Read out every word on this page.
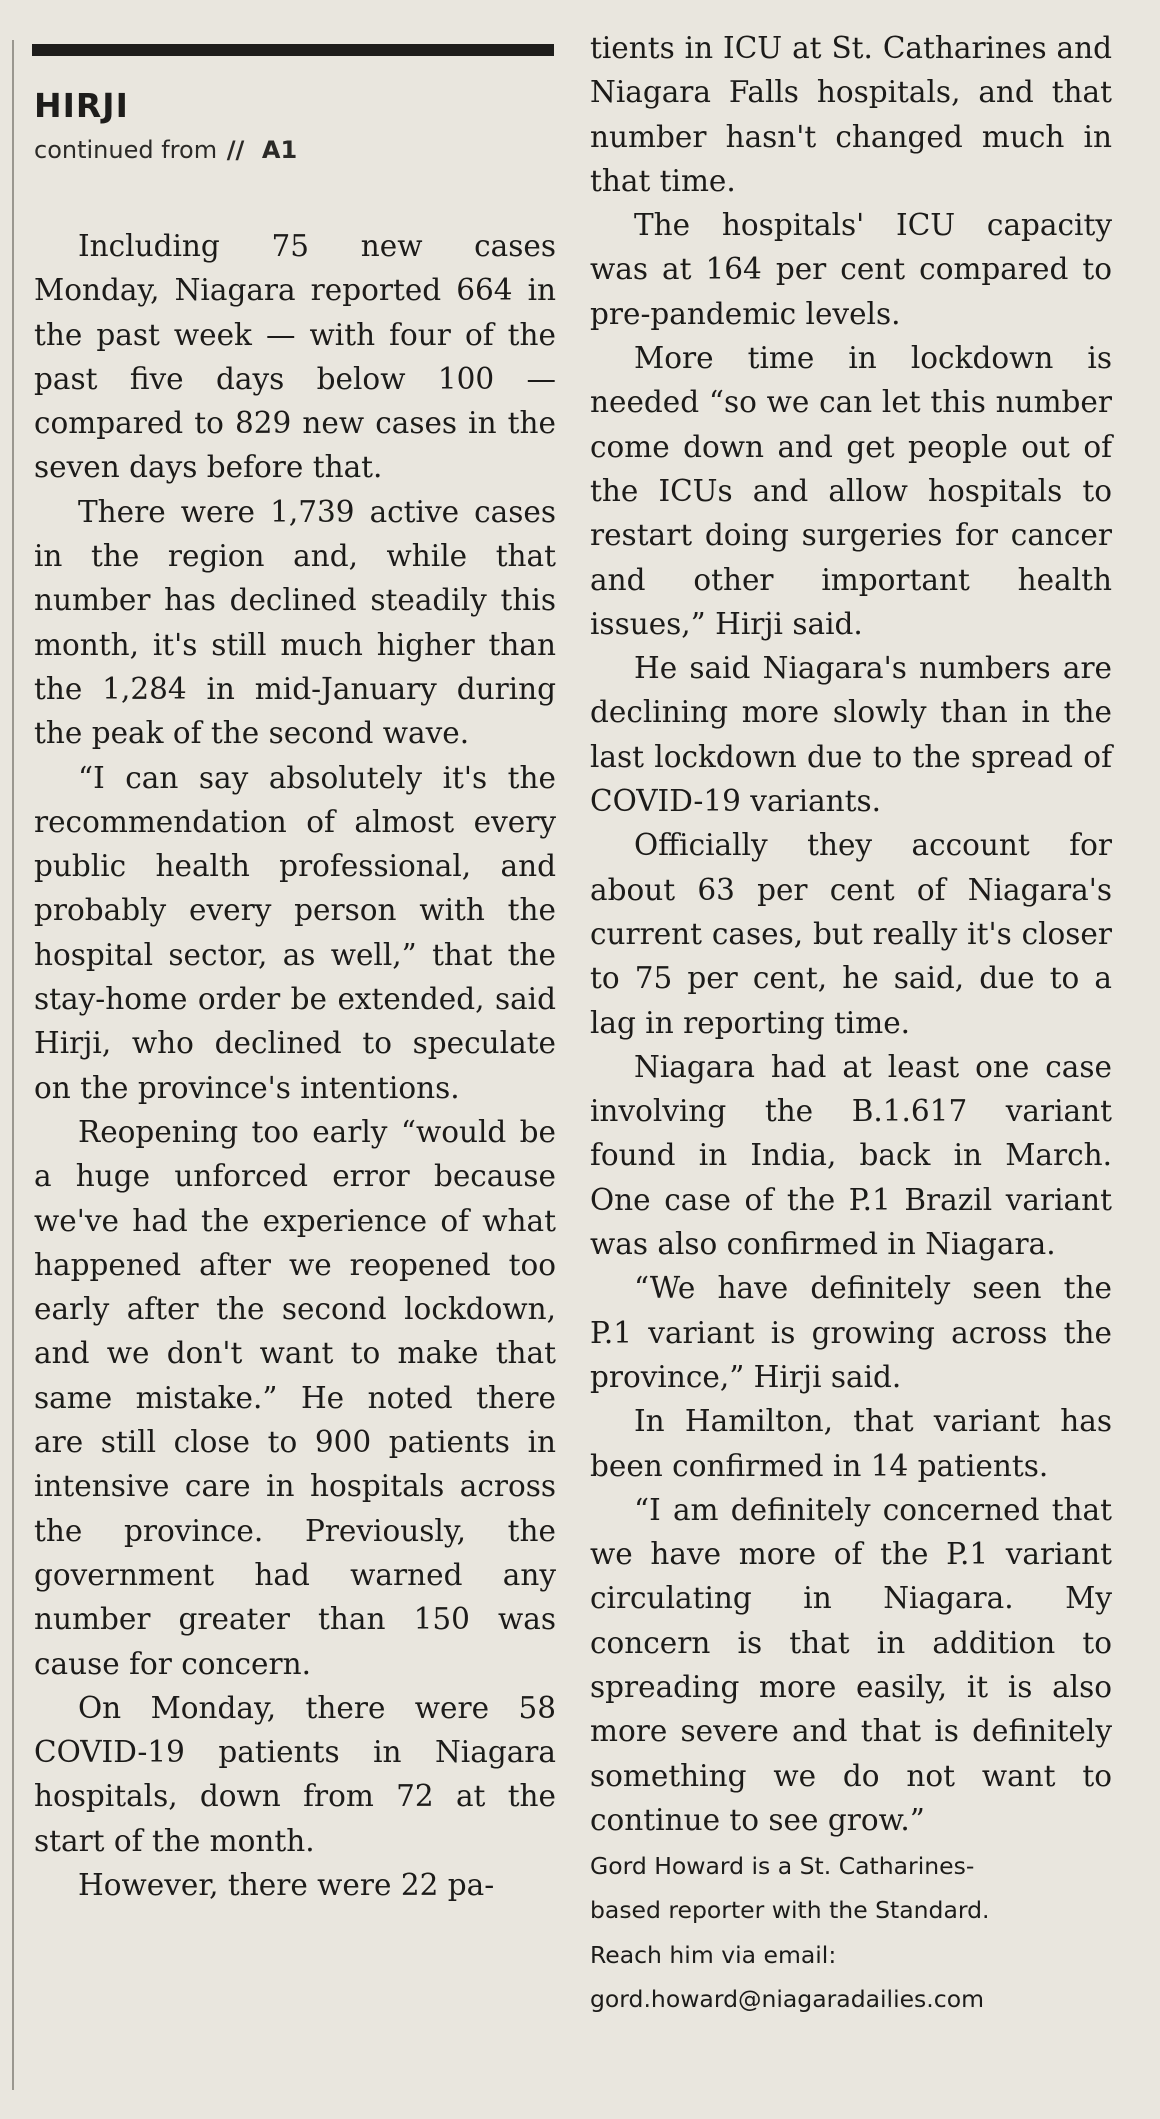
HIRJI
continued from // A1

Including 75 new cases Monday, Niagara reported 664 in the past week — with four of the past five days below 100 — compared to 829 new cases in the seven days before that.

There were 1,739 active cases in the region and, while that number has declined steadily this month, it's still much higher than the 1,284 in mid-January during the peak of the second wave.

“I can say absolutely it's the recommendation of almost every public health professional, and probably every person with the hospital sector, as well,” that the stay-home order be extended, said Hirji, who declined to speculate on the province's intentions.

Reopening too early “would be a huge unforced error because we've had the experience of what happened after we reopened too early after the second lockdown, and we don't want to make that same mistake.” He noted there are still close to 900 patients in intensive care in hospitals across the province. Previously, the government had warned any number greater than 150 was cause for concern.

On Monday, there were 58 COVID-19 patients in Niagara hospitals, down from 72 at the start of the month.

However, there were 22 pa-

tients in ICU at St. Catharines and Niagara Falls hospitals, and that number hasn't changed much in that time.

The hospitals' ICU capacity was at 164 per cent compared to pre-pandemic levels.

More time in lockdown is needed “so we can let this number come down and get people out of the ICUs and allow hospitals to restart doing surgeries for cancer and other important health issues,” Hirji said.

He said Niagara's numbers are declining more slowly than in the last lockdown due to the spread of COVID-19 variants.

Officially they account for about 63 per cent of Niagara's current cases, but really it's closer to 75 per cent, he said, due to a lag in reporting time.

Niagara had at least one case involving the B.1.617 variant found in India, back in March. One case of the P.1 Brazil variant was also confirmed in Niagara.

“We have definitely seen the P.1 variant is growing across the province,” Hirji said.

In Hamilton, that variant has been confirmed in 14 patients.

“I am definitely concerned that we have more of the P.1 variant circulating in Niagara. My concern is that in addition to spreading more easily, it is also more severe and that is definitely something we do not want to continue to see grow.”

Gord Howard is a St. Catharines-

based reporter with the Standard.

Reach him via email:

gord.howard@niagaradailies.com
